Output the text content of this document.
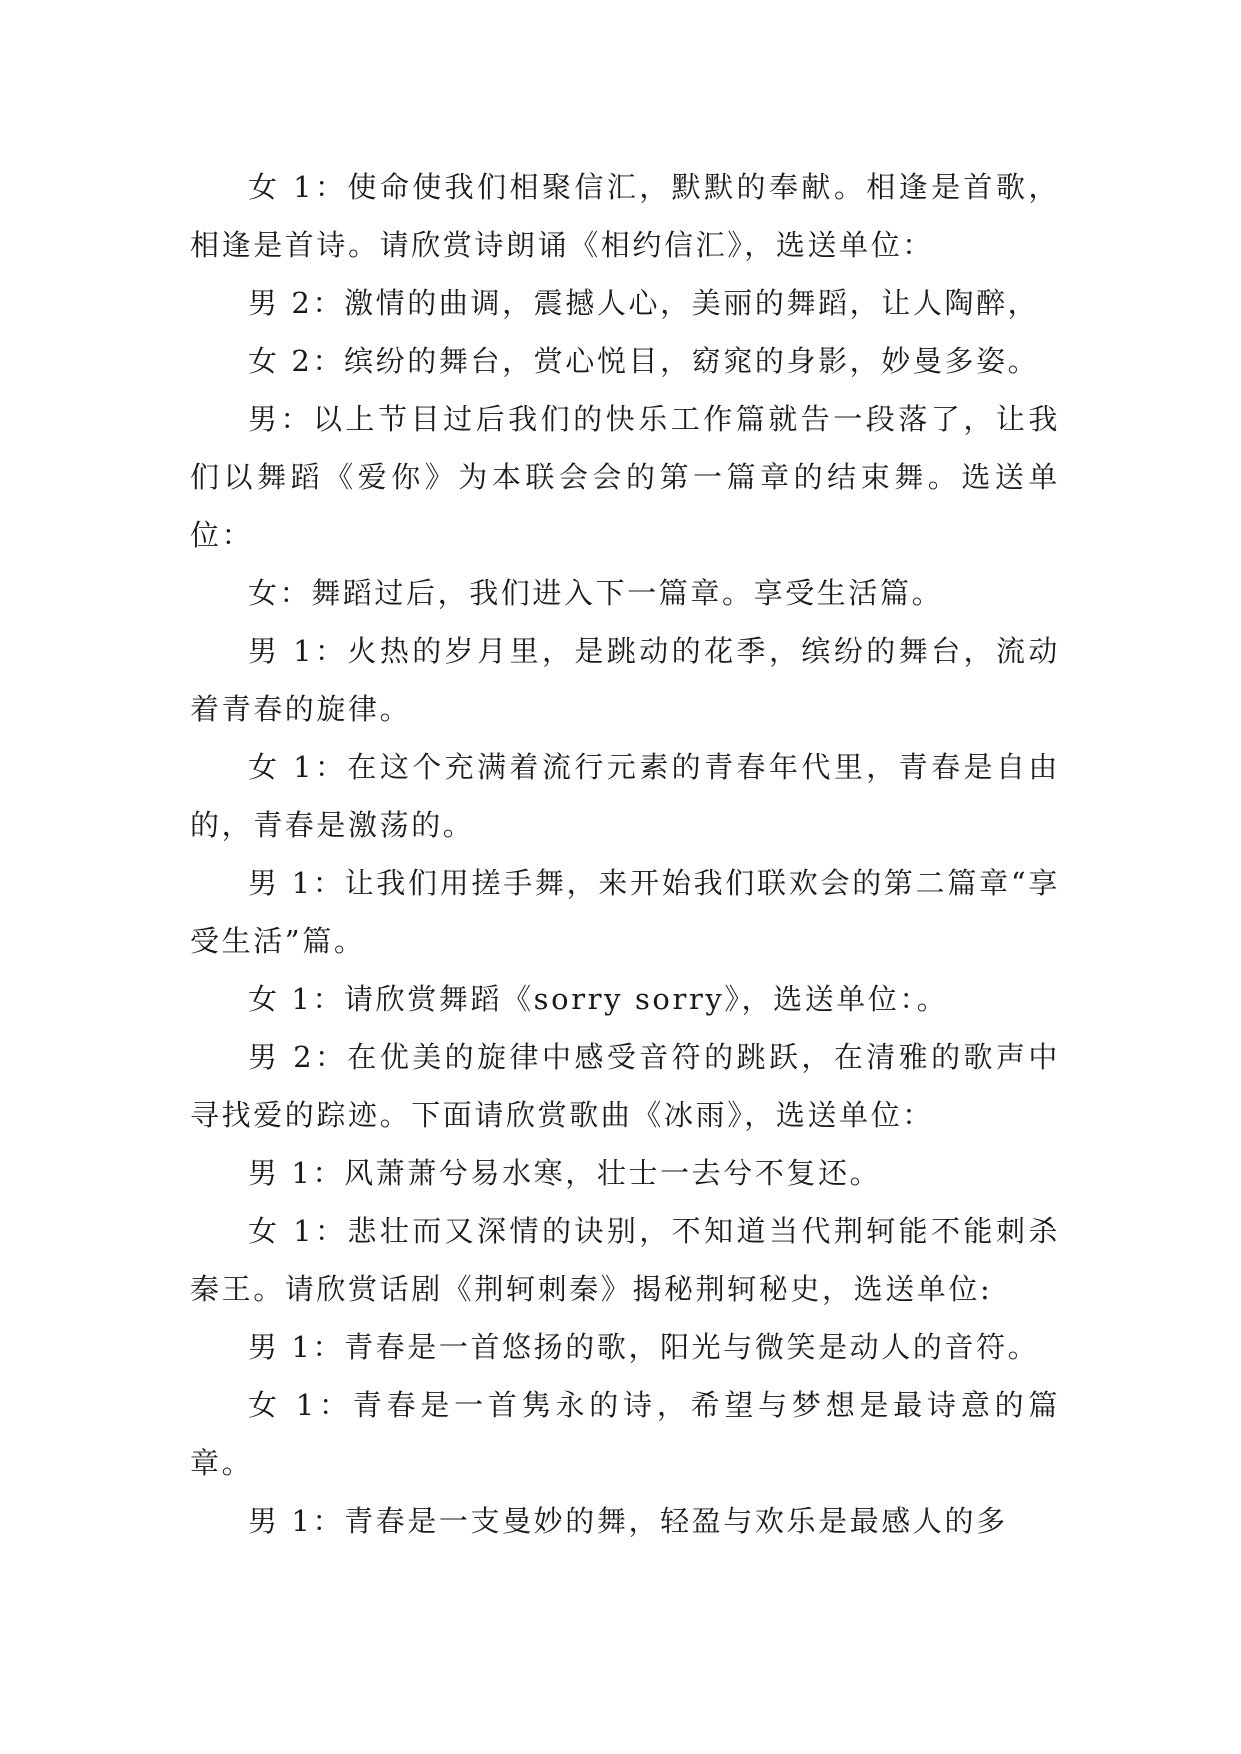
女 1：使命使我们相聚信汇，默默的奉献。相逢是首歌，相逢是首诗。请欣赏诗朗诵《相约信汇》，选送单位：

男 2：激情的曲调，震撼人心，美丽的舞蹈，让人陶醉，

女 2：缤纷的舞台，赏心悦目，窈窕的身影，妙曼多姿。

男：以上节目过后我们的快乐工作篇就告一段落了，让我们以舞蹈《爱你》为本联会会的第一篇章的结束舞。选送单位：

女：舞蹈过后，我们进入下一篇章。享受生活篇。

男 1：火热的岁月里，是跳动的花季，缤纷的舞台，流动着青春的旋律。

女 1：在这个充满着流行元素的青春年代里，青春是自由的，青春是激荡的。

男 1：让我们用搓手舞，来开始我们联欢会的第二篇章“享受生活”篇。

女 1：请欣赏舞蹈《sorry sorry》，选送单位：。

男 2：在优美的旋律中感受音符的跳跃，在清雅的歌声中寻找爱的踪迹。下面请欣赏歌曲《冰雨》，选送单位：

男 1：风萧萧兮易水寒，壮士一去兮不复还。

女 1：悲壮而又深情的诀别，不知道当代荆轲能不能刺杀秦王。请欣赏话剧《荆轲刺秦》揭秘荆轲秘史，选送单位:

男 1：青春是一首悠扬的歌，阳光与微笑是动人的音符。

女 1：青春是一首隽永的诗，希望与梦想是最诗意的篇章。

男 1：青春是一支曼妙的舞，轻盈与欢乐是最感人的多
